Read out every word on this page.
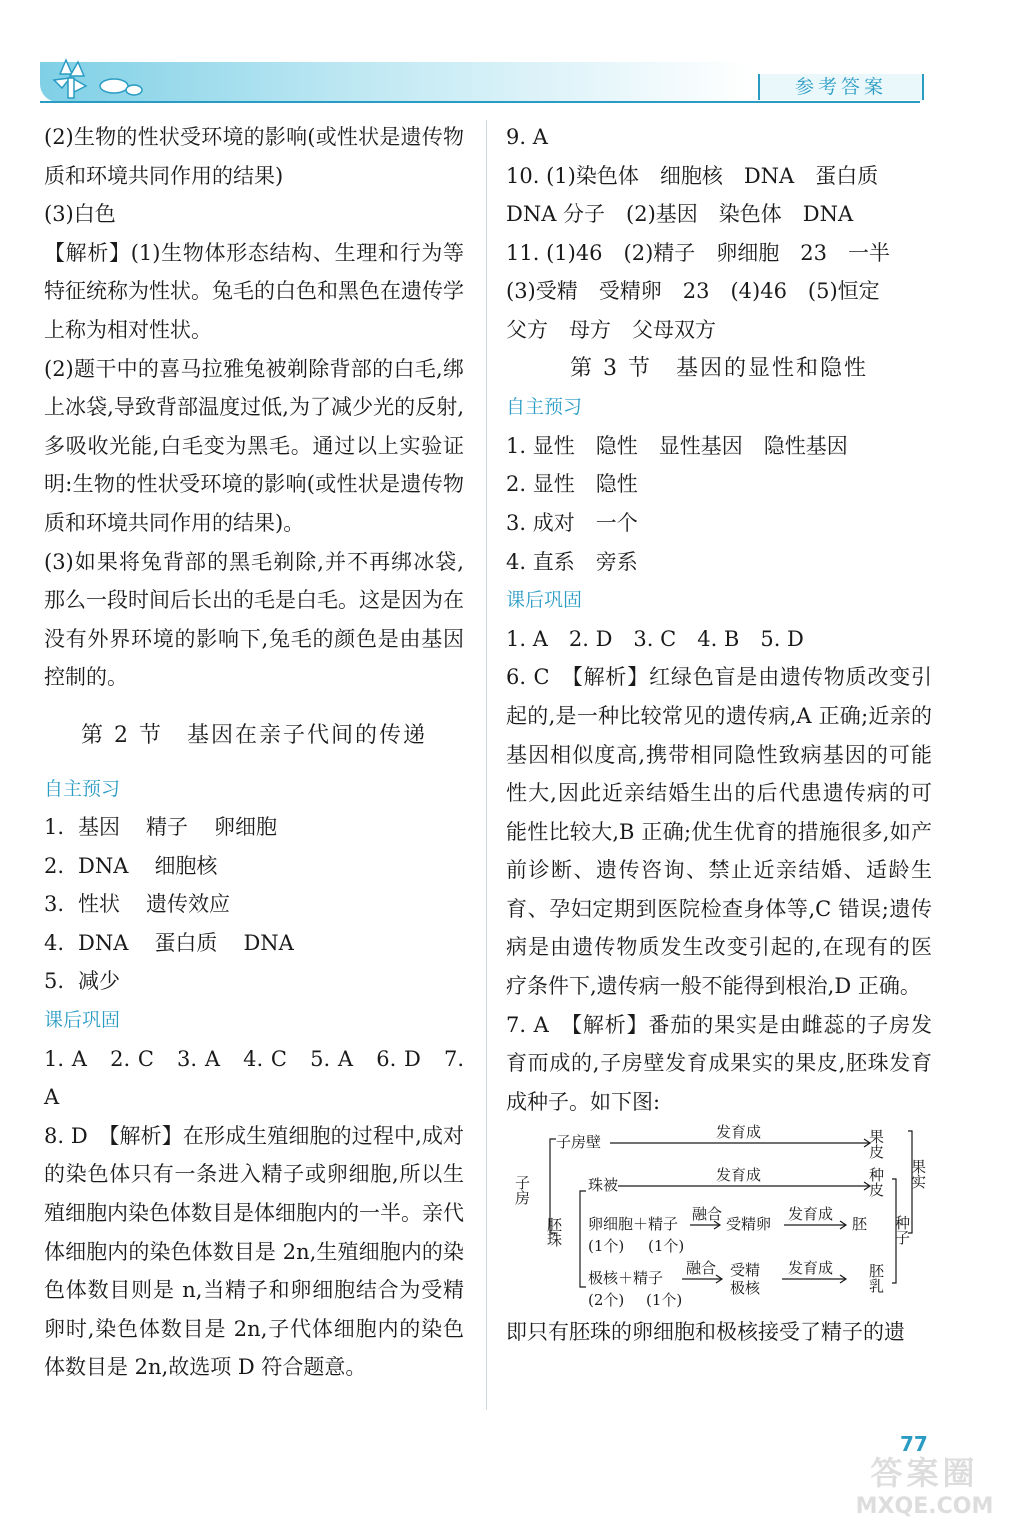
参考答案

(2)生物的性状受环境的影响(或性状是遗传物质和环境共同作用的结果)

(3)白色

【解析】(1)生物体形态结构、生理和行为等特征统称为性状。兔毛的白色和黑色在遗传学上称为相对性状。

(2)题干中的喜马拉雅兔被剃除背部的白毛,绑上冰袋,导致背部温度过低,为了减少光的反射,多吸收光能,白毛变为黑毛。通过以上实验证明:生物的性状受环境的影响(或性状是遗传物质和环境共同作用的结果)。

(3)如果将兔背部的黑毛剃除,并不再绑冰袋,那么一段时间后长出的毛是白毛。这是因为在没有外界环境的影响下,兔毛的颜色是由基因控制的。

第 2 节　基因在亲子代间的传递

自主预习

1. 基因 精子 卵细胞

2. DNA 细胞核

3. 性状 遗传效应

4. DNA 蛋白质 DNA

5. 减少

课后巩固

1. A　2. C　3. A　4. C　5. A　6. D　7. A

8. D　【解析】在形成生殖细胞的过程中,成对的染色体只有一条进入精子或卵细胞,所以生殖细胞内染色体数目是体细胞内的一半。亲代体细胞内的染色体数目是 2n,生殖细胞内的染色体数目则是 n,当精子和卵细胞结合为受精卵时,染色体数目是 2n,子代体细胞内的染色体数目是 2n,故选项 D 符合题意。

9. A

10. (1)染色体　细胞核　DNA　蛋白质

DNA 分子　(2)基因　染色体　DNA

11. (1)46　(2)精子　卵细胞　23　一半

(3)受精　受精卵　23　(4)46　(5)恒定

父方　母方　父母双方

第 3 节　基因的显性和隐性

自主预习

1. 显性　隐性　显性基因　隐性基因

2. 显性　隐性

3. 成对　一个

4. 直系　旁系

课后巩固

1. A　2. D　3. C　4. B　5. D

6. C　【解析】红绿色盲是由遗传物质改变引起的,是一种比较常见的遗传病,A 正确;近亲的基因相似度高,携带相同隐性致病基因的可能性大,因此近亲结婚生出的后代患遗传病的可能性比较大,B 正确;优生优育的措施很多,如产前诊断、遗传咨询、禁止近亲结婚、适龄生育、孕妇定期到医院检查身体等,C 错误;遗传病是由遗传物质发生改变引起的,在现有的医疗条件下,遗传病一般不能得到根治,D 正确。

7. A　【解析】番茄的果实是由雌蕊的子房发育而成的,子房壁发育成果实的果皮,胚珠发育成种子。如下图:

子房
子房壁
发育成	果皮
果实
珠被
发育成	种皮
胚珠 卵细胞＋精子
(1个) (1个)
融合
受精卵
发育成
胚 种子
极核＋精子
(2个) (1个)
融合 受精
极核
发育成 胚乳

即只有胚珠的卵细胞和极核接受了精子的遗

77
答案圈
MXQE.COM
